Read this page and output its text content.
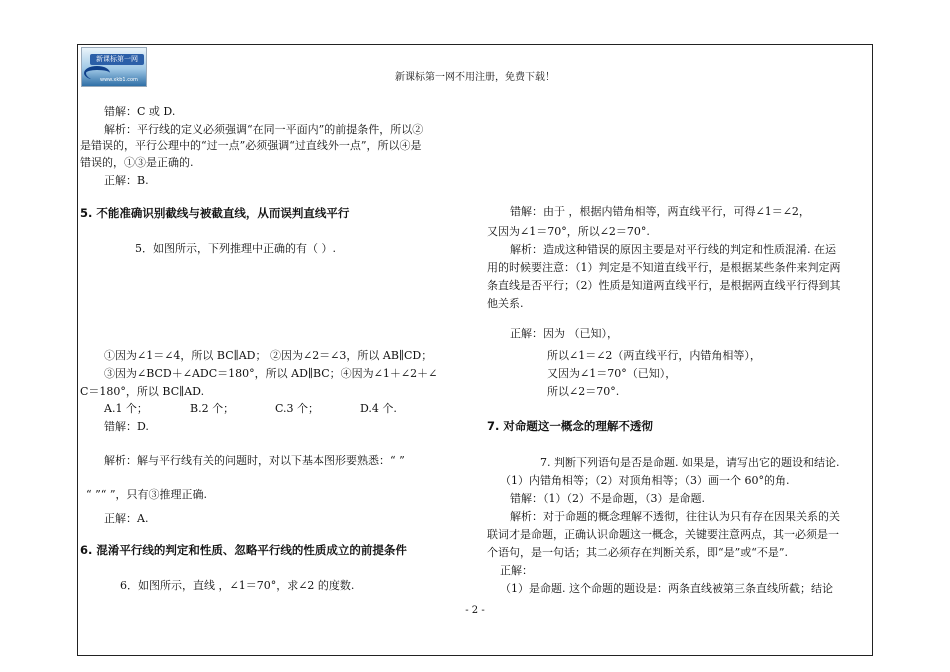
新课标第一网
www.xkb1.com	新课标第一网不用注册，免费下载！
错解：C 或 D.
解析：平行线的定义必须强调“在同一平面内”的前提条件，所以②
是错误的，平行公理中的“过一点”必须强调“过直线外一点”，所以④是
错误的，①③是正确的.
正解：B.
5. 不能准确识别截线与被截直线，从而误判直线平行
5．如图所示，下列推理中正确的有（ ）.
①因为∠1＝∠4，所以 BC∥AD； ②因为∠2＝∠3，所以 AB∥CD；
③因为∠BCD＋∠ADC＝180°，所以 AD∥BC；④因为∠1＋∠2＋∠
C＝180°，所以 BC∥AD.
A.1 个；	B.2 个；	C.3 个；	D.4 个.
错解：D.
解析：解与平行线有关的问题时，对以下基本图形要熟悉：“ ”
“ ”“ ”，只有③推理正确.
正解：A.
6. 混淆平行线的判定和性质、忽略平行线的性质成立的前提条件
6．如图所示，直线 ，∠1＝70°，求∠2 的度数.
错解：由于 ，根据内错角相等，两直线平行，可得∠1＝∠2，
又因为∠1＝70°，所以∠2＝70°.
解析：造成这种错误的原因主要是对平行线的判定和性质混淆. 在运
用的时候要注意：（1）判定是不知道直线平行，是根据某些条件来判定两
条直线是否平行；（2）性质是知道两直线平行，是根据两直线平行得到其
他关系.
正解：因为 （已知），
所以∠1＝∠2（两直线平行，内错角相等），
又因为∠1＝70°（已知），
所以∠2＝70°.
7. 对命题这一概念的理解不透彻
7. 判断下列语句是否是命题. 如果是，请写出它的题设和结论.
（1）内错角相等；（2）对顶角相等；（3）画一个 60°的角.
错解：（1）（2）不是命题，（3）是命题.
解析：对于命题的概念理解不透彻，往往认为只有存在因果关系的关
联词才是命题，正确认识命题这一概念，关键要注意两点，其一必须是一
个语句，是一句话；其二必须存在判断关系，即“是”或“不是”.
正解：
（1）是命题. 这个命题的题设是：两条直线被第三条直线所截；结论
- 2 -
